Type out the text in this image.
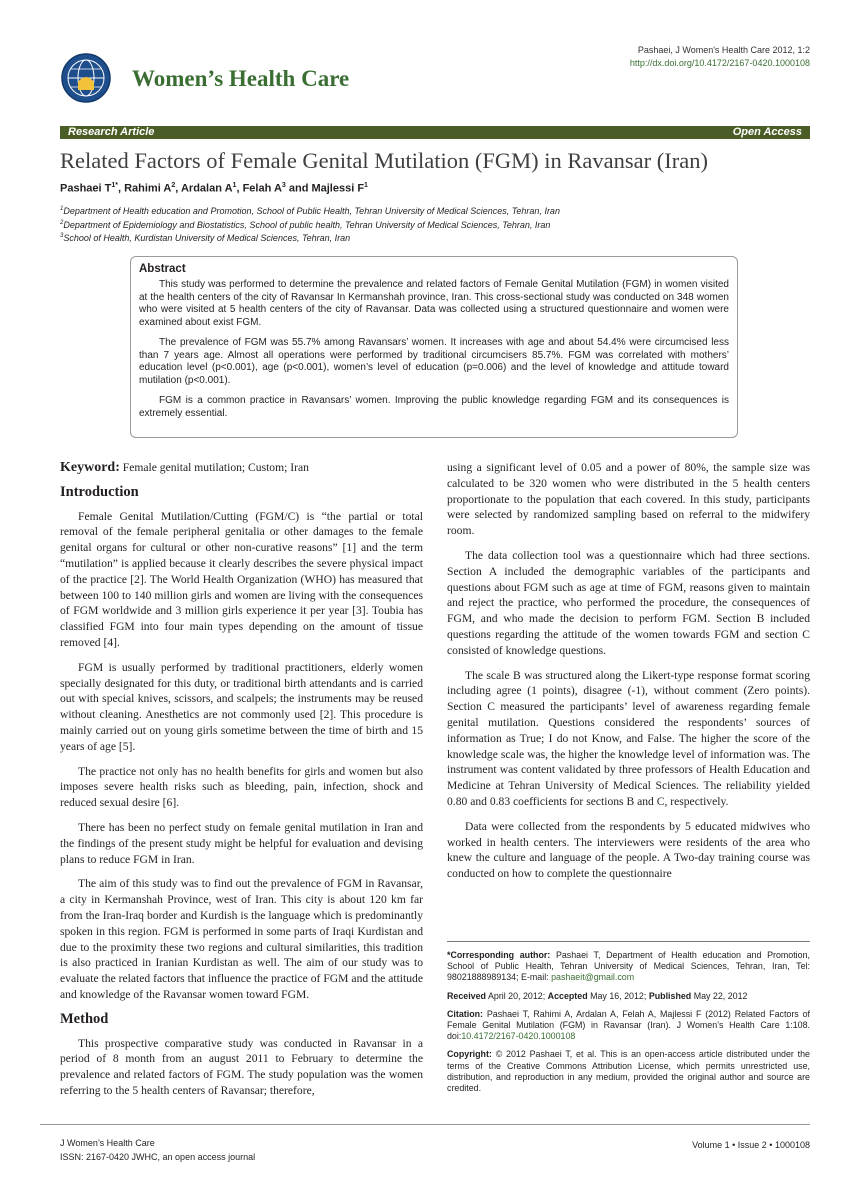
Women’s Health Care
Pashaei, J Women's Health Care 2012, 1:2
http://dx.doi.org/10.4172/2167-0420.1000108
Research Article	Open Access
Related Factors of Female Genital Mutilation (FGM) in Ravansar (Iran)
Pashaei $T^{1*}$, Rahimi $A^2$, Ardalan $A^1$, Felah $A^3$ and Majlessi $F^1$
$^1$Department of Health education and Promotion, School of Public Health, Tehran University of Medical Sciences, Tehran, Iran
$^2$Department of Epidemiology and Biostatistics, School of public health, Tehran University of Medical Sciences, Tehran, Iran
$^3$School of Health, Kurdistan University of Medical Sciences, Tehran, Iran
Abstract

This study was performed to determine the prevalence and related factors of Female Genital Mutilation (FGM) in women visited at the health centers of the city of Ravansar In Kermanshah province, Iran. This cross-sectional study was conducted on 348 women who were visited at 5 health centers of the city of Ravansar. Data was collected using a structured questionnaire and women were examined about exist FGM.

The prevalence of FGM was 55.7% among Ravansars’ women. It increases with age and about 54.4% were circumcised less than 7 years age. Almost all operations were performed by traditional circumcisers 85.7%. FGM was correlated with mothers’ education level (p<0.001), age (p<0.001), women’s level of education (p=0.006) and the level of knowledge and attitude toward mutilation (p<0.001).

FGM is a common practice in Ravansars’ women. Improving the public knowledge regarding FGM and its consequences is extremely essential.

Keyword: Female genital mutilation; Custom; Iran

Introduction

Female Genital Mutilation/Cutting (FGM/C) is “the partial or total removal of the female peripheral genitalia or other damages to the female genital organs for cultural or other non-curative reasons” [1] and the term “mutilation” is applied because it clearly describes the severe physical impact of the practice [2]. The World Health Organization (WHO) has measured that between 100 to 140 million girls and women are living with the consequences of FGM worldwide and 3 million girls experience it per year [3]. Toubia has classified FGM into four main types depending on the amount of tissue removed [4].

FGM is usually performed by traditional practitioners, elderly women specially designated for this duty, or traditional birth attendants and is carried out with special knives, scissors, and scalpels; the instruments may be reused without cleaning. Anesthetics are not commonly used [2]. This procedure is mainly carried out on young girls sometime between the time of birth and 15 years of age [5].

The practice not only has no health benefits for girls and women but also imposes severe health risks such as bleeding, pain, infection, shock and reduced sexual desire [6].

There has been no perfect study on female genital mutilation in Iran and the findings of the present study might be helpful for evaluation and devising plans to reduce FGM in Iran.

The aim of this study was to find out the prevalence of FGM in Ravansar, a city in Kermanshah Province, west of Iran. This city is about 120 km far from the Iran-Iraq border and Kurdish is the language which is predominantly spoken in this region. FGM is performed in some parts of Iraqi Kurdistan and due to the proximity these two regions and cultural similarities, this tradition is also practiced in Iranian Kurdistan as well. The aim of our study was to evaluate the related factors that influence the practice of FGM and the attitude and knowledge of the Ravansar women toward FGM.

Method

This prospective comparative study was conducted in Ravansar in a period of 8 month from an august 2011 to February to determine the prevalence and related factors of FGM. The study population was the women referring to the 5 health centers of Ravansar; therefore,

using a significant level of 0.05 and a power of 80%, the sample size was calculated to be 320 women who were distributed in the 5 health centers proportionate to the population that each covered. In this study, participants were selected by randomized sampling based on referral to the midwifery room.

The data collection tool was a questionnaire which had three sections. Section A included the demographic variables of the participants and questions about FGM such as age at time of FGM, reasons given to maintain and reject the practice, who performed the procedure, the consequences of FGM, and who made the decision to perform FGM. Section B included questions regarding the attitude of the women towards FGM and section C consisted of knowledge questions.

The scale B was structured along the Likert-type response format scoring including agree (1 points), disagree (-1), without comment (Zero points). Section C measured the participants’ level of awareness regarding female genital mutilation. Questions considered the respondents’ sources of information as True; I do not Know, and False. The higher the score of the knowledge scale was, the higher the knowledge level of information was. The instrument was content validated by three professors of Health Education and Medicine at Tehran University of Medical Sciences. The reliability yielded 0.80 and 0.83 coefficients for sections B and C, respectively.

Data were collected from the respondents by 5 educated midwives who worked in health centers. The interviewers were residents of the area who knew the culture and language of the people. A Two-day training course was conducted on how to complete the questionnaire

*Corresponding author: Pashaei T, Department of Health education and Promotion, School of Public Health, Tehran University of Medical Sciences, Tehran, Iran, Tel: 98021888989134; E-mail: pashaeit@gmail.com

Received April 20, 2012; Accepted May 16, 2012; Published May 22, 2012

Citation: Pashaei T, Rahimi A, Ardalan A, Felah A, Majlessi F (2012) Related Factors of Female Genital Mutilation (FGM) in Ravansar (Iran). J Women’s Health Care 1:108. doi:10.4172/2167-0420.1000108

Copyright: © 2012 Pashaei T, et al. This is an open-access article distributed under the terms of the Creative Commons Attribution License, which permits unrestricted use, distribution, and reproduction in any medium, provided the original author and source are credited.

J Women’s Health Care
ISSN: 2167-0420 JWHC, an open access journal
Volume 1 • Issue 2 • 1000108
